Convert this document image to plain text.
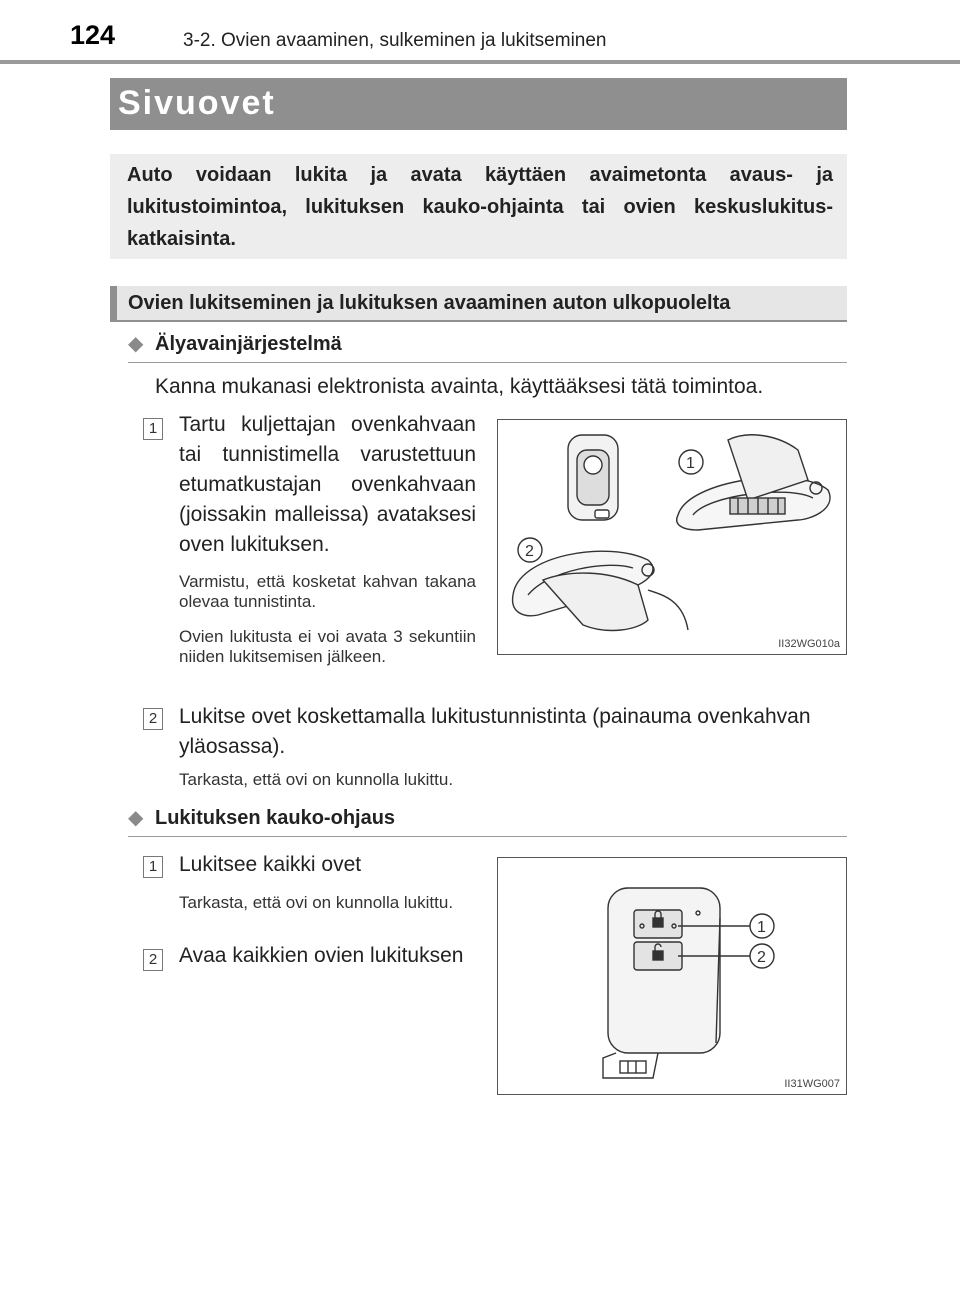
124	3-2. Ovien avaaminen, sulkeminen ja lukitseminen
Sivuovet
Auto voidaan lukita ja avata käyttäen avaimetonta avaus- ja lukitustoimintoa, lukituksen kauko-ohjainta tai ovien keskuslukitus-katkaisinta.
Ovien lukitseminen ja lukituksen avaaminen auton ulkopuolelta
◆ Älyavainjärjestelmä
Kanna mukanasi elektronista avainta, käyttääksesi tätä toimintoa.
1 Tartu kuljettajan ovenkahvaan tai tunnistimella varustettuun etumatkustajan ovenkahvaan (joissakin malleissa) avataksesi oven lukituksen.
Varmistu, että kosketat kahvan takana olevaa tunnistinta.
Ovien lukitusta ei voi avata 3 sekuntiin niiden lukitsemisen jälkeen.
1
2
II32WG010a
2 Lukitse ovet koskettamalla lukitustunnistinta (painauma ovenkahvan yläosassa).
Tarkasta, että ovi on kunnolla lukittu.
◆ Lukituksen kauko-ohjaus
1 Lukitsee kaikki ovet
Tarkasta, että ovi on kunnolla lukittu.
2 Avaa kaikkien ovien lukituksen
1
2
II31WG007
